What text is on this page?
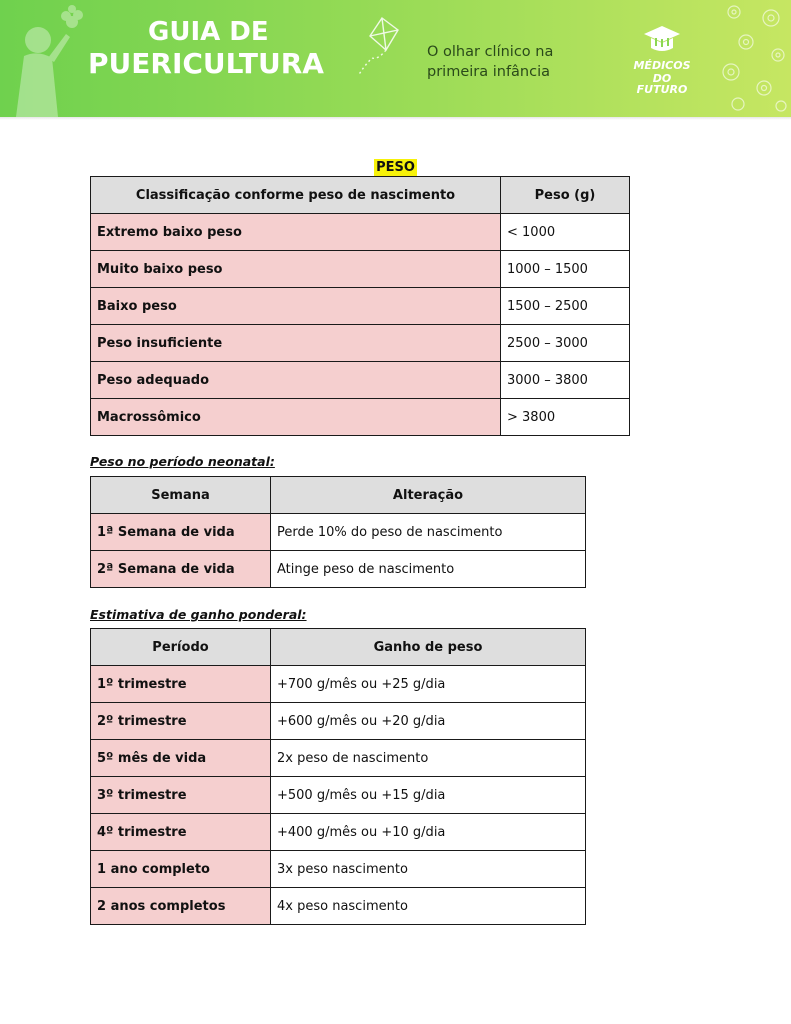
GUIA DE
PUERICULTURA	O olhar clínico na
primeira infância	MÉDICOS
DO FUTURO
PESO
Classificação conforme peso de nascimento	Peso (g)
Extremo baixo peso	< 1000
Muito baixo peso	1000 – 1500
Baixo peso	1500 – 2500
Peso insuficiente	2500 – 3000
Peso adequado	3000 – 3800
Macrossômico	> 3800
Peso no período neonatal:
Semana	Alteração
1ª Semana de vida	Perde 10% do peso de nascimento
2ª Semana de vida	Atinge peso de nascimento
Estimativa de ganho ponderal:
Período	Ganho de peso
1º trimestre	+700 g/mês ou +25 g/dia
2º trimestre	+600 g/mês ou +20 g/dia
5º mês de vida	2x peso de nascimento
3º trimestre	+500 g/mês ou +15 g/dia
4º trimestre	+400 g/mês ou +10 g/dia
1 ano completo	3x peso nascimento
2 anos completos	4x peso nascimento
